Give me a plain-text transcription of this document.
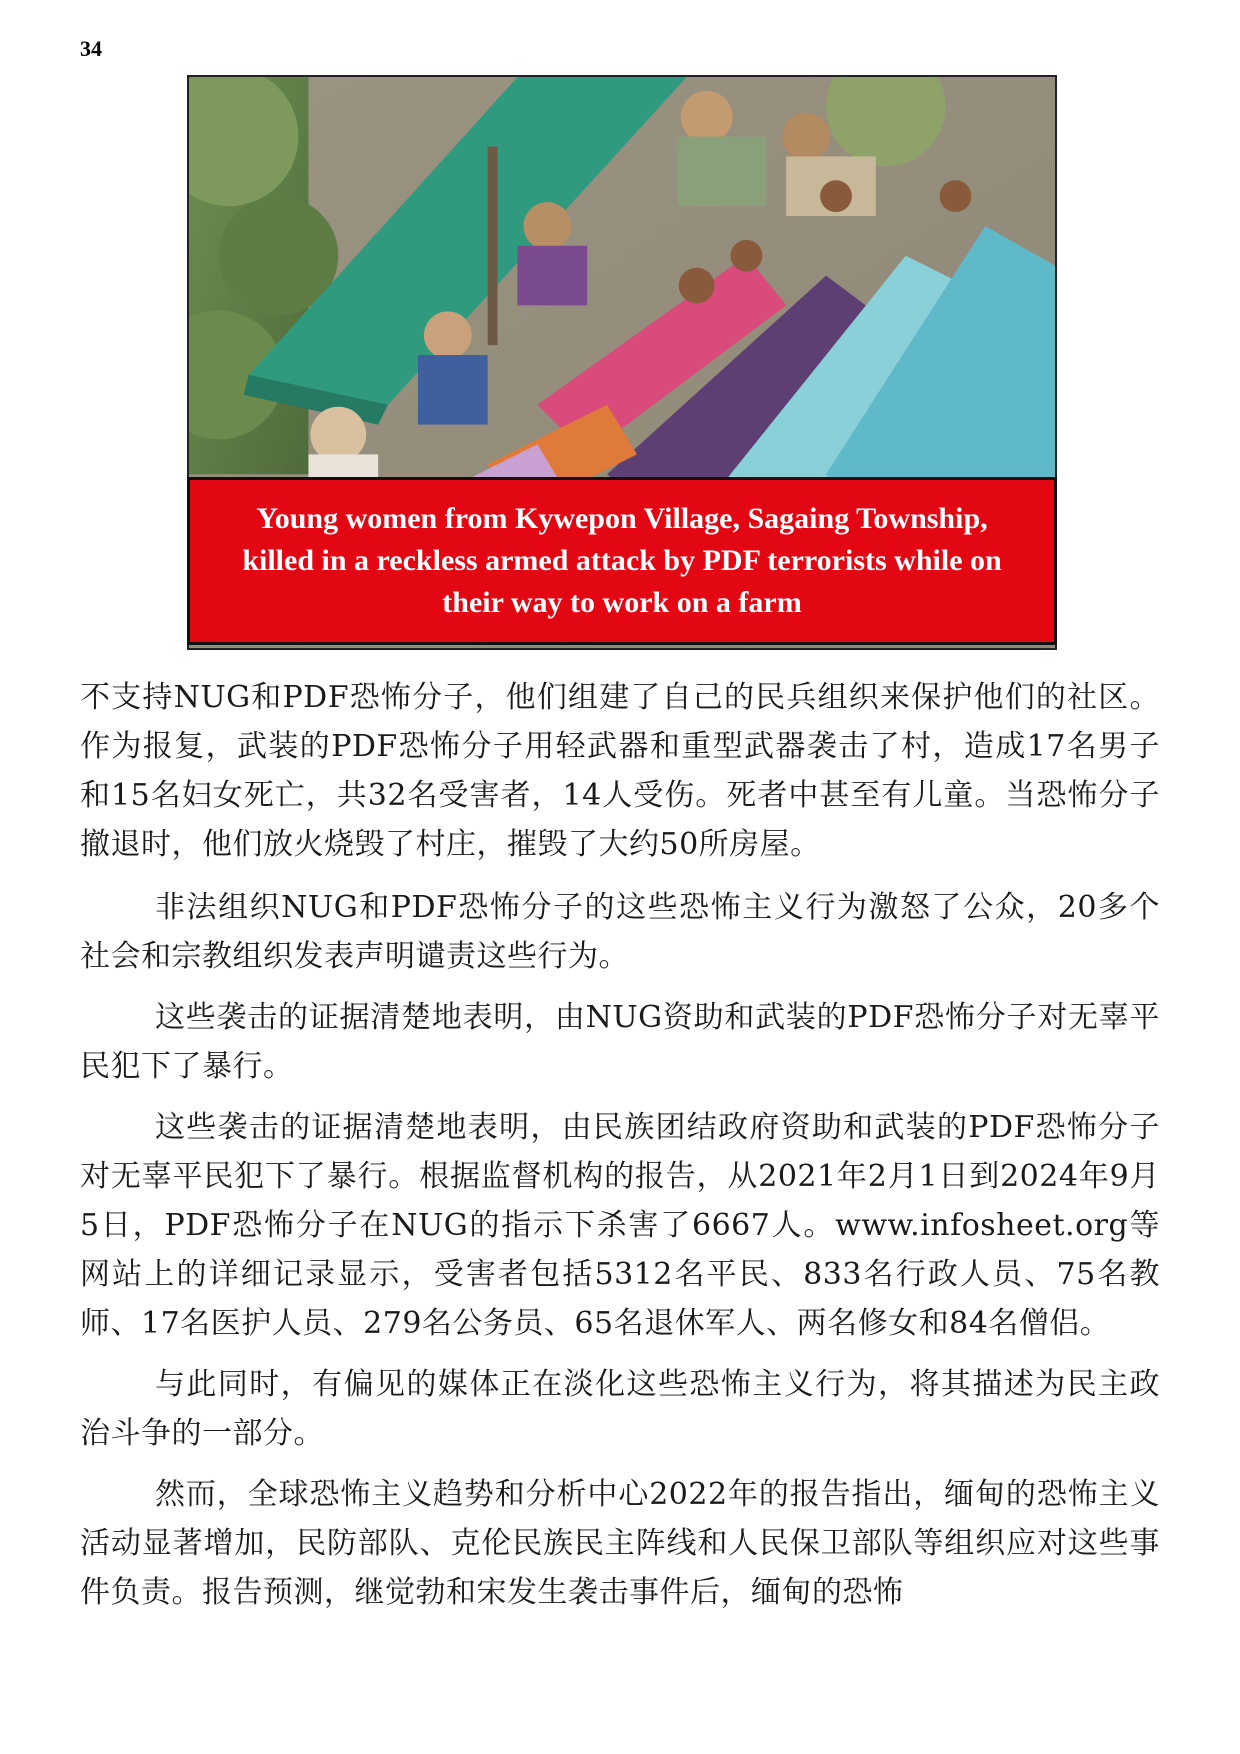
34
Young women from Kywepon Village, Sagaing Township,
killed in a reckless armed attack by PDF terrorists while on
their way to work on a farm

不支持NUG和PDF恐怖分子，他们组建了自己的民兵组织来保护他们的社区。作为报复，武装的PDF恐怖分子用轻武器和重型武器袭击了村，造成17名男子和15名妇女死亡，共32名受害者，14人受伤。死者中甚至有儿童。当恐怖分子撤退时，他们放火烧毁了村庄，摧毁了大约50所房屋。

非法组织NUG和PDF恐怖分子的这些恐怖主义行为激怒了公众，20多个社会和宗教组织发表声明谴责这些行为。

这些袭击的证据清楚地表明，由NUG资助和武装的PDF恐怖分子对无辜平民犯下了暴行。

这些袭击的证据清楚地表明，由民族团结政府资助和武装的PDF恐怖分子对无辜平民犯下了暴行。根据监督机构的报告，从2021年2月1日到2024年9月5日，PDF恐怖分子在NUG的指示下杀害了6667人。www.infosheet.org等网站上的详细记录显示，受害者包括5312名平民、833名行政人员、75名教师、17名医护人员、279名公务员、65名退休军人、两名修女和84名僧侣。

与此同时，有偏见的媒体正在淡化这些恐怖主义行为，将其描述为民主政治斗争的一部分。

然而，全球恐怖主义趋势和分析中心2022年的报告指出，缅甸的恐怖主义活动显著增加，民防部队、克伦民族民主阵线和人民保卫部队等组织应对这些事件负责。报告预测，继觉勃和宋发生袭击事件后，缅甸的恐怖
